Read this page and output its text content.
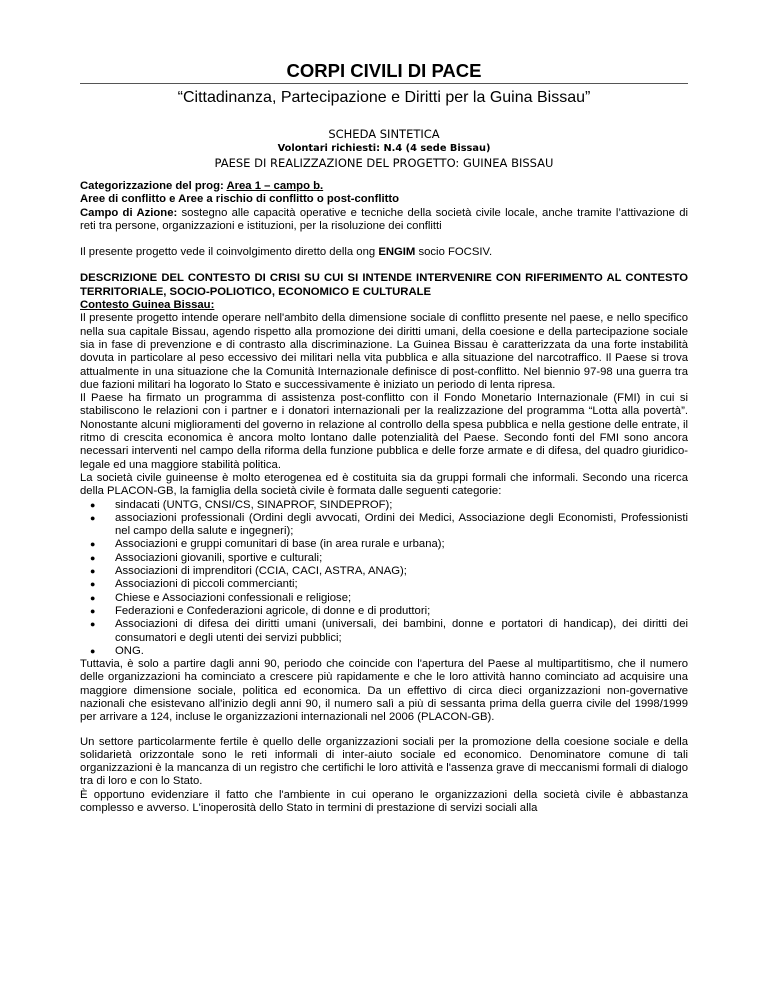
CORPI CIVILI DI PACE

“Cittadinanza, Partecipazione e Diritti per la Guina Bissau”

SCHEDA SINTETICA

Volontari richiesti: N.4 (4 sede Bissau)

PAESE DI REALIZZAZIONE DEL PROGETTO: GUINEA BISSAU

Categorizzazione del prog: Area 1 – campo b.

Aree di conflitto e Aree a rischio di conflitto o post-conflitto

Campo di Azione: sostegno alle capacità operative e tecniche della società civile locale, anche tramite l’attivazione di reti tra persone, organizzazioni e istituzioni, per la risoluzione dei conflitti

Il presente progetto vede il coinvolgimento diretto della ong ENGIM socio FOCSIV.

DESCRIZIONE DEL CONTESTO DI CRISI SU CUI SI INTENDE INTERVENIRE CON RIFERIMENTO AL CONTESTO TERRITORIALE, SOCIO-POLIOTICO, ECONOMICO E CULTURALE

Contesto Guinea Bissau:

Il presente progetto intende operare nell'ambito della dimensione sociale di conflitto presente nel paese, e nello specifico nella sua capitale Bissau, agendo rispetto alla promozione dei diritti umani, della coesione e della partecipazione sociale sia in fase di prevenzione e di contrasto alla discriminazione. La Guinea Bissau è caratterizzata da una forte instabilità dovuta in particolare al peso eccessivo dei militari nella vita pubblica e alla situazione del narcotraffico. Il Paese si trova attualmente in una situazione che la Comunità Internazionale definisce di post-conflitto. Nel biennio 97-98 una guerra tra due fazioni militari ha logorato lo Stato e successivamente è iniziato un periodo di lenta ripresa.

Il Paese ha firmato un programma di assistenza post-conflitto con il Fondo Monetario Internazionale (FMI) in cui si stabiliscono le relazioni con i partner e i donatori internazionali per la realizzazione del programma “Lotta alla povertà”. Nonostante alcuni miglioramenti del governo in relazione al controllo della spesa pubblica e nella gestione delle entrate, il ritmo di crescita economica è ancora molto lontano dalle potenzialità del Paese. Secondo fonti del FMI sono ancora necessari interventi nel campo della riforma della funzione pubblica e delle forze armate e di difesa, del quadro giuridico-legale ed una maggiore stabilità politica.

La società civile guineense è molto eterogenea ed è costituita sia da gruppi formali che informali. Secondo una ricerca della PLACON-GB, la famiglia della società civile è formata dalle seguenti categorie:

● sindacati (UNTG, CNSI/CS, SINAPROF, SINDEPROF);
● associazioni professionali (Ordini degli avvocati, Ordini dei Medici, Associazione degli Economisti, Professionisti nel campo della salute e ingegneri);
● Associazioni e gruppi comunitari di base (in area rurale e urbana);
● Associazioni giovanili, sportive e culturali;
● Associazioni di imprenditori (CCIA, CACI, ASTRA, ANAG);
● Associazioni di piccoli commercianti;
● Chiese e Associazioni confessionali e religiose;
● Federazioni e Confederazioni agricole, di donne e di produttori;
● Associazioni di difesa dei diritti umani (universali, dei bambini, donne e portatori di handicap), dei diritti dei consumatori e degli utenti dei servizi pubblici;
● ONG.

Tuttavia, è solo a partire dagli anni 90, periodo che coincide con l'apertura del Paese al multipartitismo, che il numero delle organizzazioni ha cominciato a crescere più rapidamente e che le loro attività hanno cominciato ad acquisire una maggiore dimensione sociale, politica ed economica. Da un effettivo di circa dieci organizzazioni non-governative nazionali che esistevano all'inizio degli anni 90, il numero salì a più di sessanta prima della guerra civile del 1998/1999 per arrivare a 124, incluse le organizzazioni internazionali nel 2006 (PLACON-GB).

Un settore particolarmente fertile è quello delle organizzazioni sociali per la promozione della coesione sociale e della solidarietà orizzontale sono le reti informali di inter-aiuto sociale ed economico. Denominatore comune di tali organizzazioni è la mancanza di un registro che certifichi le loro attività e l'assenza grave di meccanismi formali di dialogo tra di loro e con lo Stato.

È opportuno evidenziare il fatto che l'ambiente in cui operano le organizzazioni della società civile è abbastanza complesso e avverso. L'inoperosità dello Stato in termini di prestazione di servizi sociali alla
